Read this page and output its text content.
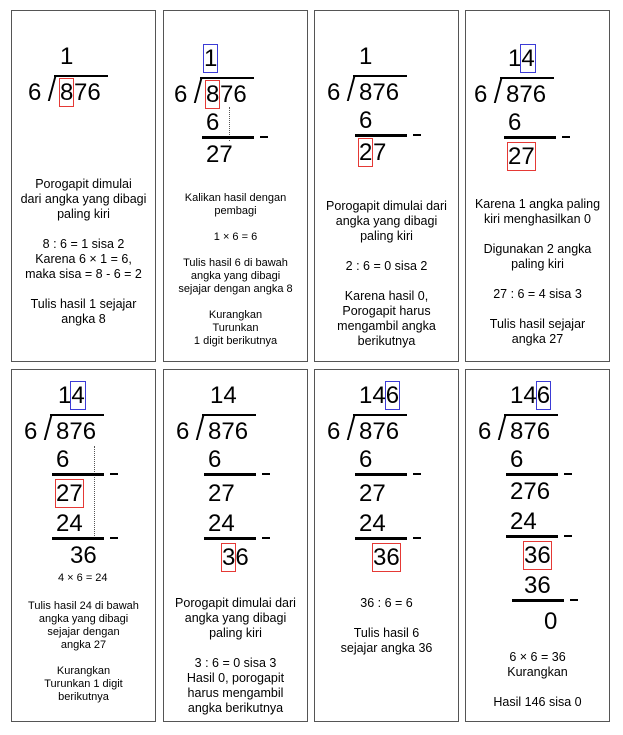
1
6 8 76
Porogapit dimulai
dari angka yang dibagi
paling kiri

8 : 6 = 1 sisa 2
Karena 6 × 1 = 6,
maka sisa = 8 - 6 = 2

Tulis hasil 1 sejajar
angka 8
1
6 8 76
6
27
Kalikan hasil dengan
pembagi

1 × 6 = 6

Tulis hasil 6 di bawah
angka yang dibagi
sejajar dengan angka 8

Kurangkan
Turunkan
1 digit berikutnya
1
6 876
6
2 7
Porogapit dimulai dari
angka yang dibagi
paling kiri

2 : 6 = 0 sisa 2

Karena hasil 0,
Porogapit harus
mengambil angka
berikutnya
14
6 876
6
27
Karena 1 angka paling
kiri menghasilkan 0

Digunakan 2 angka
paling kiri

27 : 6 = 4 sisa 3

Tulis hasil sejajar
angka 27
14
6 876
6
27
24
36
4 × 6 = 24
Tulis hasil 24 di bawah
angka yang dibagi
sejajar dengan
angka 27

Kurangkan
Turunkan 1 digit
berikutnya
14
6 876
6
27
24
36
Porogapit dimulai dari
angka yang dibagi
paling kiri

3 : 6 = 0 sisa 3
Hasil 0, porogapit
harus mengambil
angka berikutnya
146
6 876
6
27
24
36
36 : 6 = 6

Tulis hasil 6
sejajar angka 36
146
6 876
6
276
24
36
36
0
6 × 6 = 36
Kurangkan

Hasil 146 sisa 0
